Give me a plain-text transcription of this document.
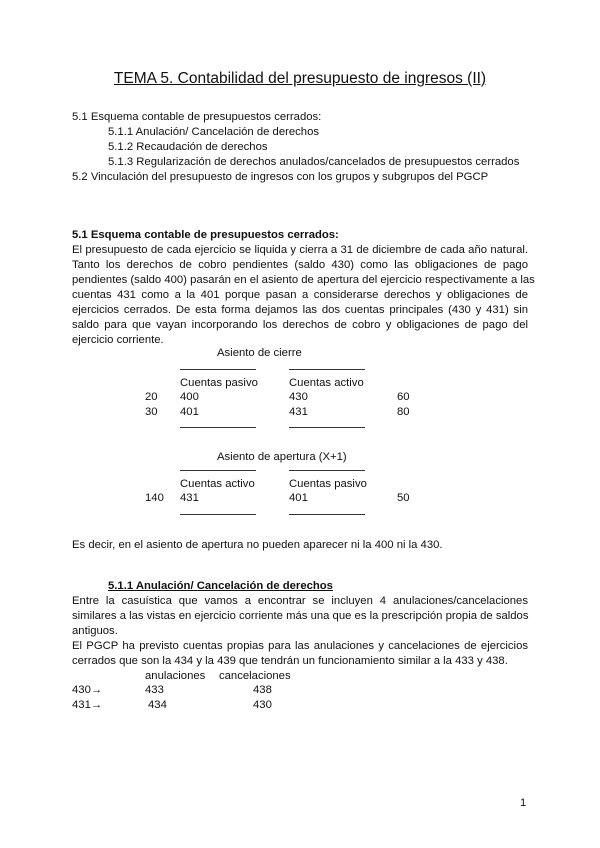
TEMA 5. Contabilidad del presupuesto de ingresos (II)
5.1 Esquema contable de presupuestos cerrados:
5.1.1 Anulación/ Cancelación de derechos
5.1.2 Recaudación de derechos
5.1.3 Regularización de derechos anulados/cancelados de presupuestos cerrados
5.2 Vinculación del presupuesto de ingresos con los grupos y subgrupos del PGCP
5.1 Esquema contable de presupuestos cerrados:
El presupuesto de cada ejercicio se liquida y cierra a 31 de diciembre de cada año natural.
Tanto los derechos de cobro pendientes (saldo 430) como las obligaciones de pago
pendientes (saldo 400) pasarán en el asiento de apertura del ejercicio respectivamente a las
cuentas 431 como a la 401 porque pasan a considerarse derechos y obligaciones de
ejercicios cerrados. De esta forma dejamos las dos cuentas principales (430 y 431) sin
saldo para que vayan incorporando los derechos de cobro y obligaciones de pago del
ejercicio corriente.
Asiento de cierre
Cuentas pasivo	Cuentas activo
20 400	430	60
30 401	431	80
Asiento de apertura (X+1)
Cuentas activo	Cuentas pasivo
140 431	401	50
Es decir, en el asiento de apertura no pueden aparecer ni la 400 ni la 430.
5.1.1 Anulación/ Cancelación de derechos
Entre la casuística que vamos a encontrar se incluyen 4 anulaciones/cancelaciones
similares a las vistas en ejercicio corriente más una que es la prescripción propia de saldos
antiguos.
El PGCP ha previsto cuentas propias para las anulaciones y cancelaciones de ejercicios
cerrados que son la 434 y la 439 que tendrán un funcionamiento similar a la 433 y 438.
anulaciones cancelaciones
430→	433	438
431→	434	430
1
